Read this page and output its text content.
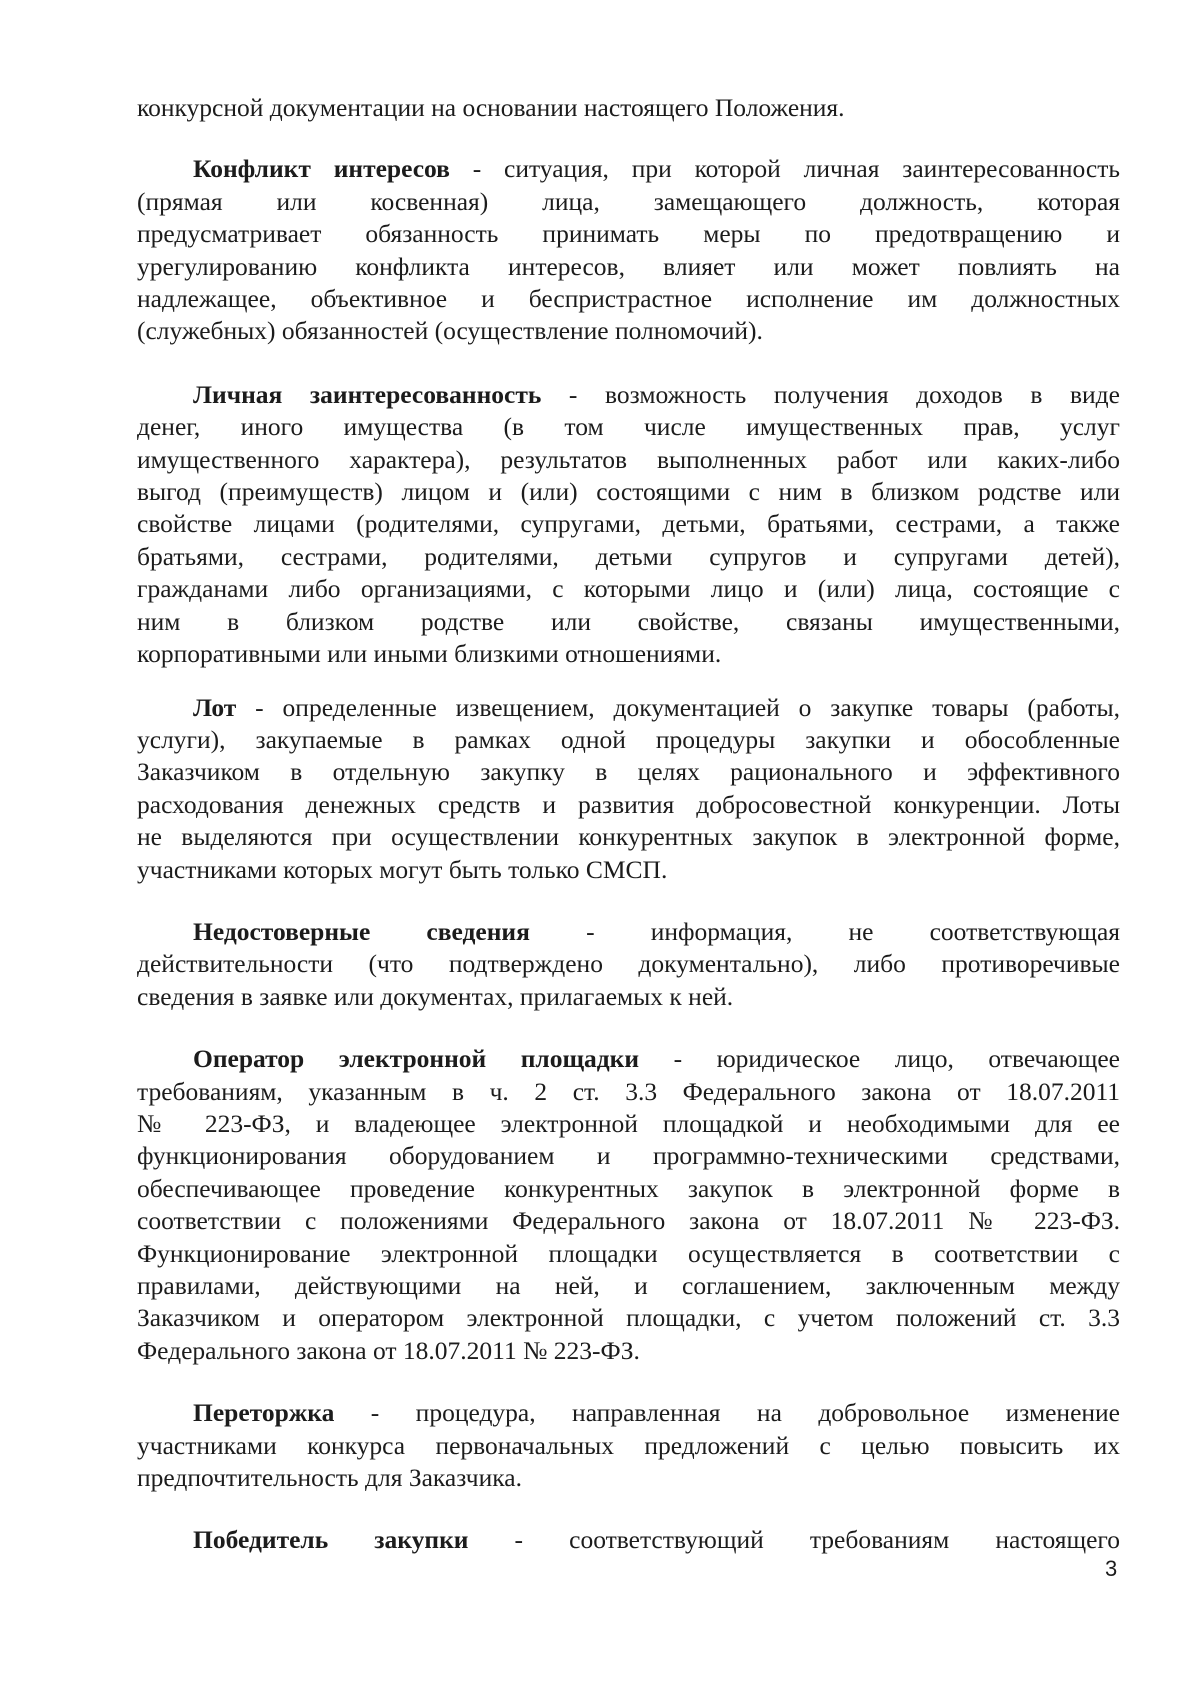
конкурсной документации на основании настоящего Положения.
Конфликт интересов - ситуация, при которой личная заинтересованность
(прямая или косвенная) лица, замещающего должность, которая
предусматривает обязанность принимать меры по предотвращению и
урегулированию конфликта интересов, влияет или может повлиять на
надлежащее, объективное и беспристрастное исполнение им должностных
(служебных) обязанностей (осуществление полномочий).
Личная заинтересованность - возможность получения доходов в виде
денег, иного имущества (в том числе имущественных прав, услуг
имущественного характера), результатов выполненных работ или каких-либо
выгод (преимуществ) лицом и (или) состоящими с ним в близком родстве или
свойстве лицами (родителями, супругами, детьми, братьями, сестрами, а также
братьями, сестрами, родителями, детьми супругов и супругами детей),
гражданами либо организациями, с которыми лицо и (или) лица, состоящие с
ним в близком родстве или свойстве, связаны имущественными,
корпоративными или иными близкими отношениями.
Лот - определенные извещением, документацией о закупке товары (работы,
услуги), закупаемые в рамках одной процедуры закупки и обособленные
Заказчиком в отдельную закупку в целях рационального и эффективного
расходования денежных средств и развития добросовестной конкуренции. Лоты
не выделяются при осуществлении конкурентных закупок в электронной форме,
участниками которых могут быть только СМСП.
Недостоверные сведения - информация, не соответствующая
действительности (что подтверждено документально), либо противоречивые
сведения в заявке или документах, прилагаемых к ней.
Оператор электронной площадки - юридическое лицо, отвечающее
требованиям, указанным в ч. 2 ст. 3.3 Федерального закона от 18.07.2011
№ 223-ФЗ, и владеющее электронной площадкой и необходимыми для ее
функционирования оборудованием и программно-техническими средствами,
обеспечивающее проведение конкурентных закупок в электронной форме в
соответствии с положениями Федерального закона от 18.07.2011 № 223-ФЗ.
Функционирование электронной площадки осуществляется в соответствии с
правилами, действующими на ней, и соглашением, заключенным между
Заказчиком и оператором электронной площадки, с учетом положений ст. 3.3
Федерального закона от 18.07.2011 № 223-ФЗ.
Переторжка - процедура, направленная на добровольное изменение
участниками конкурса первоначальных предложений с целью повысить их
предпочтительность для Заказчика.
Победитель закупки - соответствующий требованиям настоящего
3
